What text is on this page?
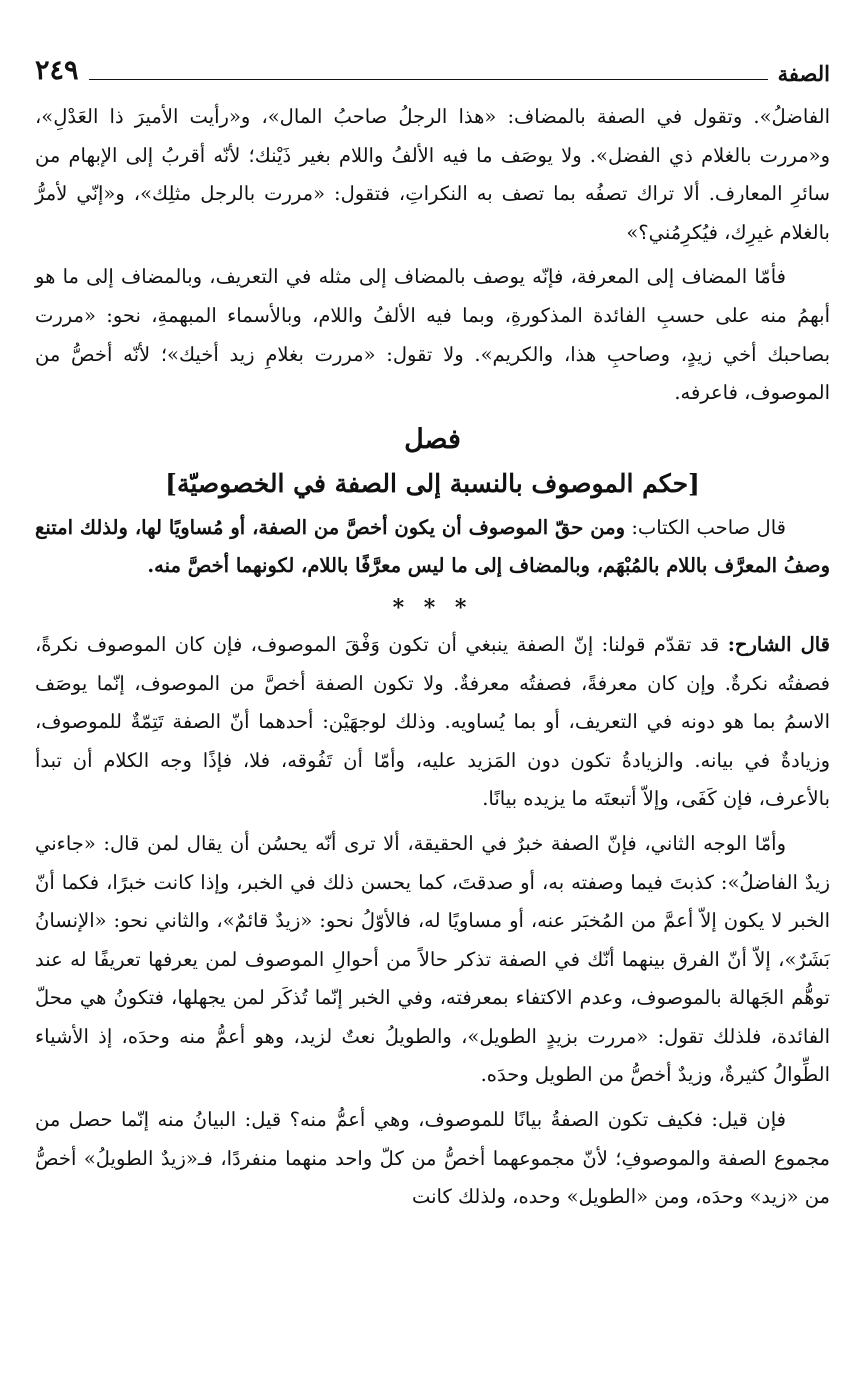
الصفة
٢٤٩

الفاضلُ». وتقول في الصفة بالمضاف: «هذا الرجلُ صاحبُ المال»، و«رأيت الأميرَ ذا العَدْلِ»، و«مررت بالغلام ذي الفضل». ولا يوصَف ما فيه الألفُ واللام بغير ذَيْنك؛ لأنّه أقربُ إلى الإبهام من سائرِ المعارف. ألا تراك تصفُه بما تصف به النكراتِ، فتقول: «مررت بالرجل مثلِك»، و«إنّي لأمرُّ بالغلام غيرِك، فيُكرِمُني؟»

فأمّا المضاف إلى المعرفة، فإنّه يوصف بالمضاف إلى مثله في التعريف، وبالمضاف إلى ما هو أبهمُ منه على حسبِ الفائدة المذكورةِ، وبما فيه الألفُ واللام، وبالأسماء المبهمةِ، نحو: «مررت بصاحبك أخي زيدٍ، وصاحبِ هذا، والكريم». ولا تقول: «مررت بغلامِ زيد أخيك»؛ لأنّه أخصُّ من الموصوف، فاعرفه.

فصل
[حكم الموصوف بالنسبة إلى الصفة في الخصوصيّة]

قال صاحب الكتاب: ومن حقّ الموصوف أن يكون أخصَّ من الصفة، أو مُساويًا لها، ولذلك امتنع وصفُ المعرَّف باللام بالمُبْهَم، وبالمضاف إلى ما ليس معرَّفًا باللام، لكونهما أخصَّ منه.

* * *

قال الشارح: قد تقدّم قولنا: إنّ الصفة ينبغي أن تكون وَفْقَ الموصوف، فإن كان الموصوف نكرةً، فصفتُه نكرةٌ. وإن كان معرفةً، فصفتُه معرفةٌ. ولا تكون الصفة أخصَّ من الموصوف، إنّما يوصَف الاسمُ بما هو دونه في التعريف، أو بما يُساويه. وذلك لوجهَيْن: أحدهما أنّ الصفة تَتِمّةٌ للموصوف، وزيادةٌ في بيانه. والزيادةُ تكون دون المَزيد عليه، وأمّا أن تَفُوقه، فلا، فإذًا وجه الكلام أن تبدأ بالأعرف، فإن كَفَى، وإلاّ أتبعتَه ما يزيده بيانًا.

وأمّا الوجه الثاني، فإنّ الصفة خبرٌ في الحقيقة، ألا ترى أنّه يحسُن أن يقال لمن قال: «جاءني زيدٌ الفاضلُ»: كذبتَ فيما وصفته به، أو صدقتَ، كما يحسن ذلك في الخبر، وإذا كانت خبرًا، فكما أنّ الخبر لا يكون إلاّ أعمَّ من المُخبَر عنه، أو مساويًا له، فالأوّلُ نحو: «زيدٌ قائمٌ»، والثاني نحو: «الإنسانُ بَشَرٌ»، إلاّ أنّ الفرق بينهما أنّك في الصفة تذكر حالاً من أحوالِ الموصوف لمن يعرفها تعريفًا له عند توهُّم الجَهالة بالموصوف، وعدم الاكتفاء بمعرفته، وفي الخبر إنّما تُذكَر لمن يجهلها، فتكونُ هي محلّ الفائدة، فلذلك تقول: «مررت بزيدٍ الطويل»، والطويلُ نعتٌ لزيد، وهو أعمُّ منه وحدَه، إذ الأشياء الطِّوالُ كثيرةٌ، وزيدٌ أخصُّ من الطويل وحدَه.

فإن قيل: فكيف تكون الصفةُ بيانًا للموصوف، وهي أعمُّ منه؟ قيل: البيانُ منه إنّما حصل من مجموع الصفة والموصوفِ؛ لأنّ مجموعهما أخصُّ من كلّ واحد منهما منفردًا، فـ«زيدٌ الطويلُ» أخصُّ من «زيد» وحدَه، ومن «الطويل» وحده، ولذلك كانت
